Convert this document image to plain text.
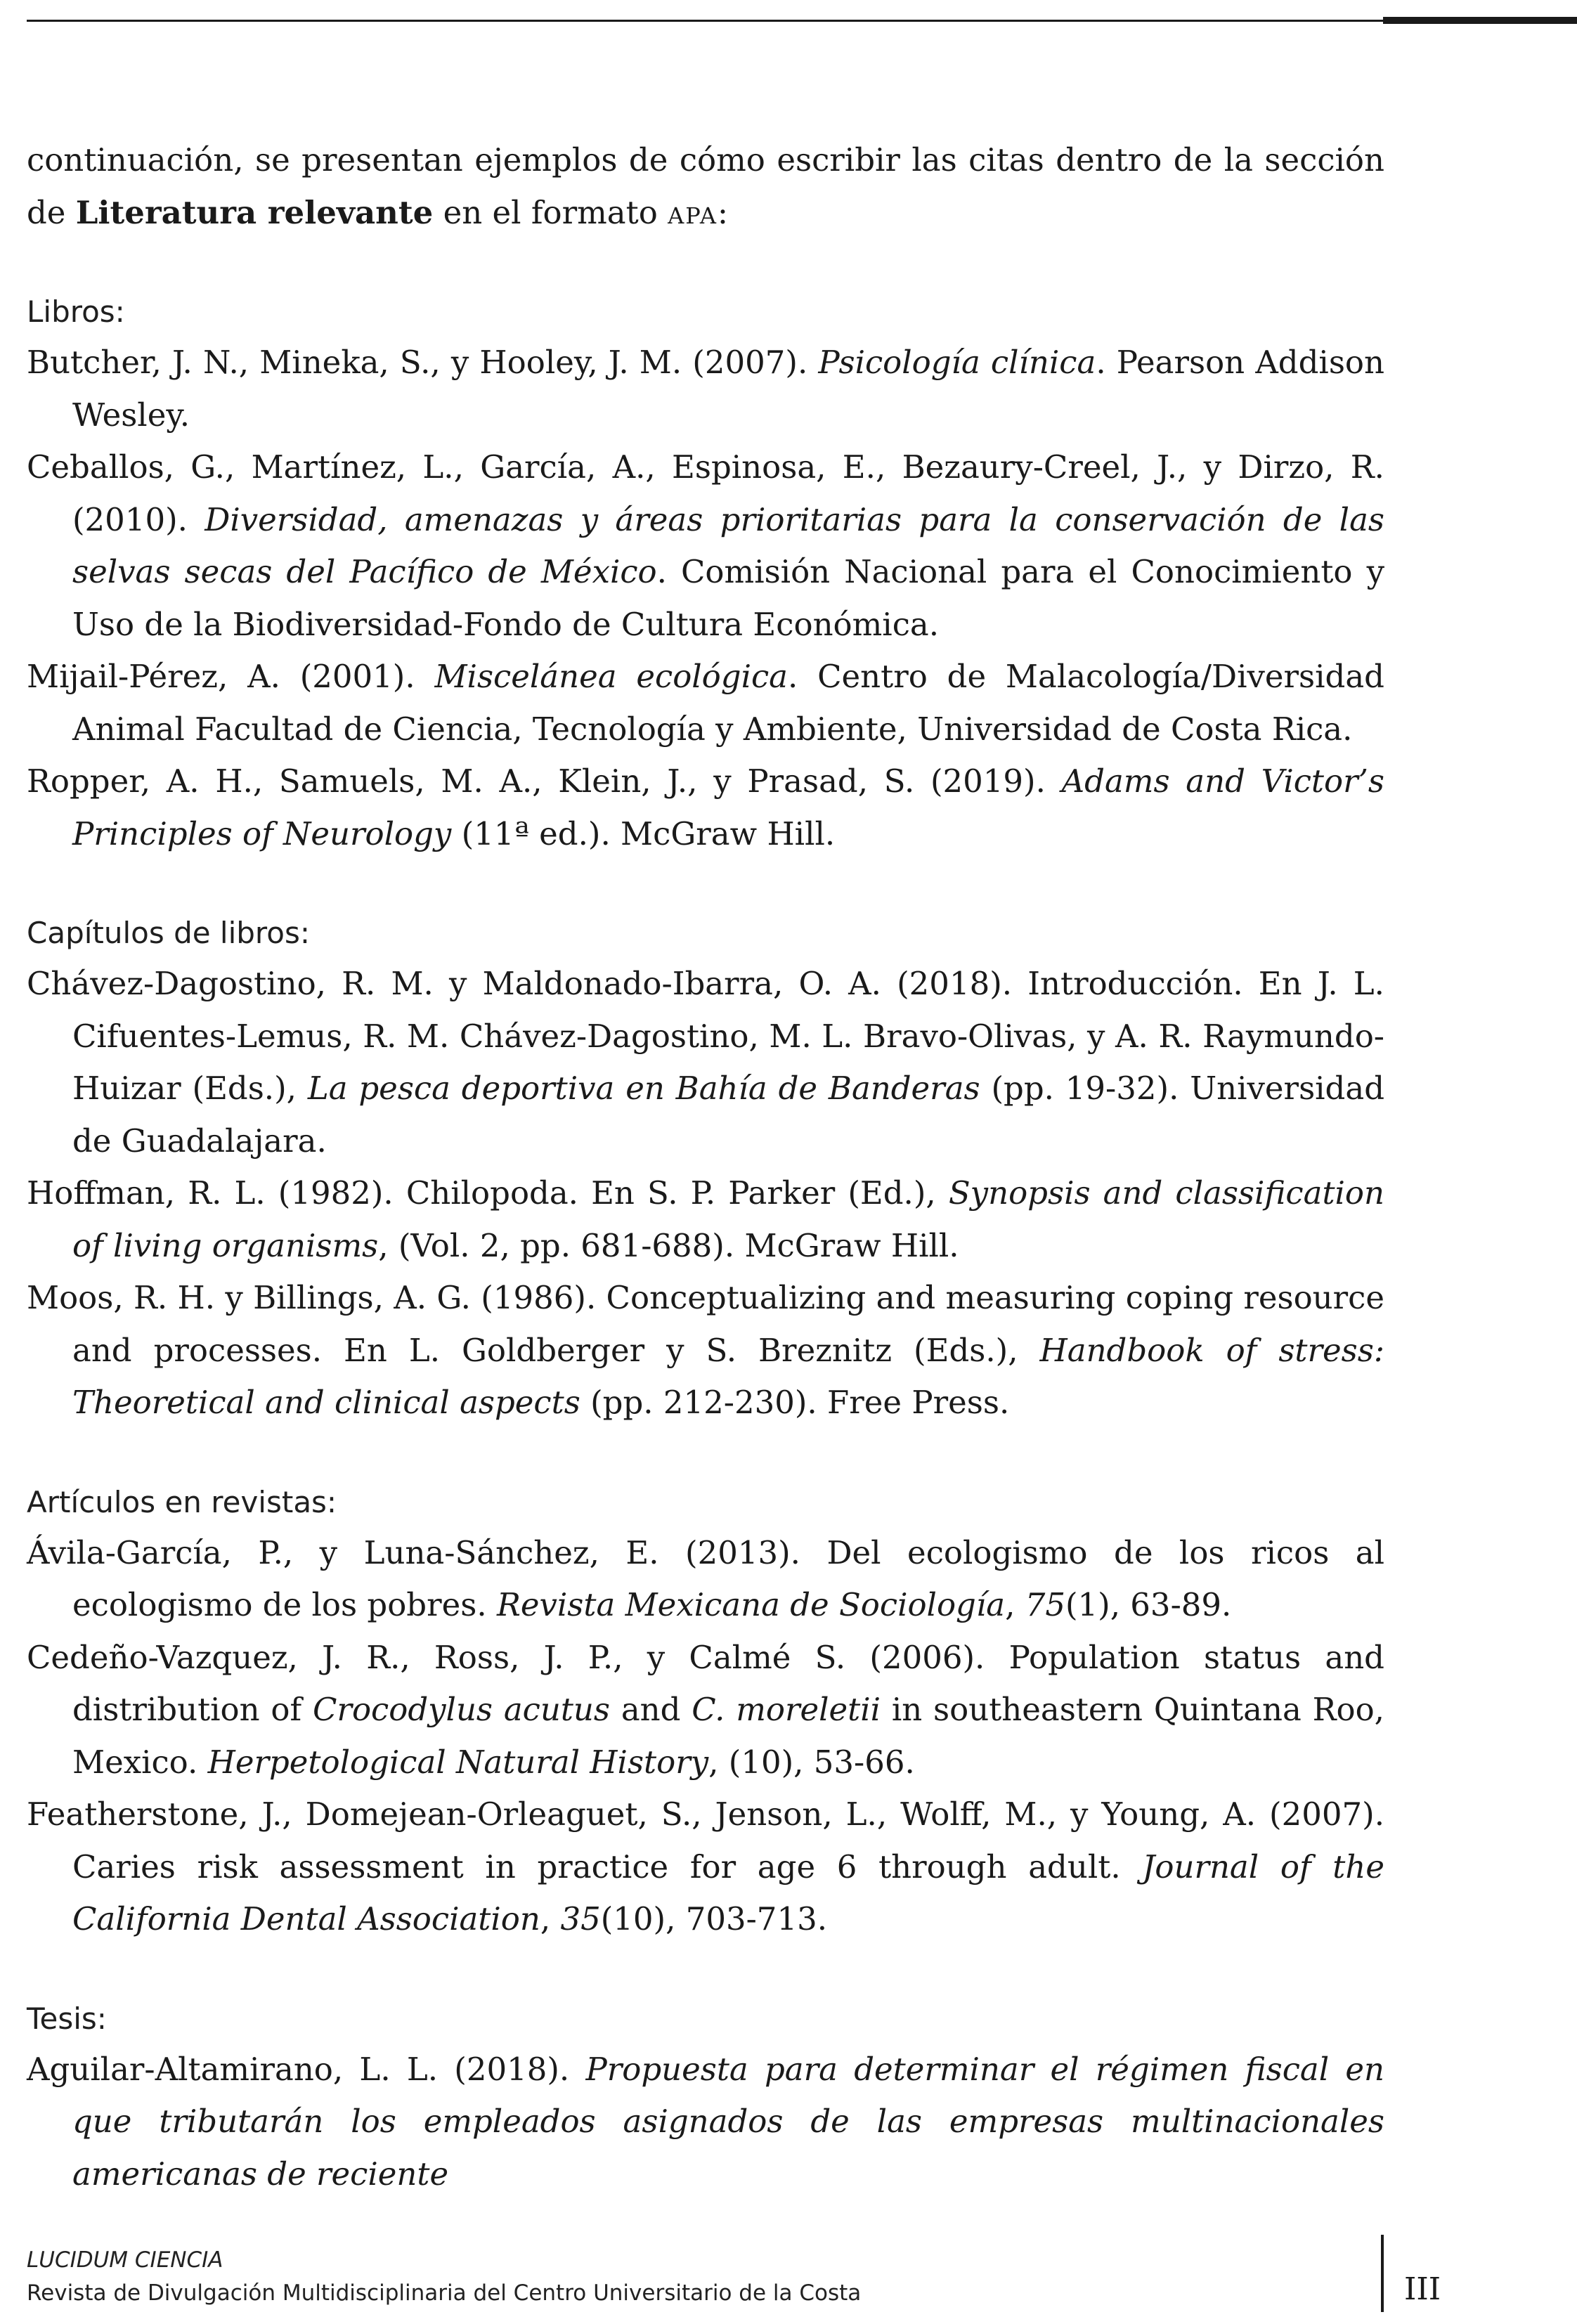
continuación, se presentan ejemplos de cómo escribir las citas dentro de la sección de Literatura relevante en el formato apa:

Libros:

Butcher, J. N., Mineka, S., y Hooley, J. M. (2007). Psicología clínica. Pearson Addison Wesley.

Ceballos, G., Martínez, L., García, A., Espinosa, E., Bezaury-Creel, J., y Dirzo, R. (2010). Diversidad, amenazas y áreas prioritarias para la conservación de las selvas secas del Pacífico de México. Comisión Nacional para el Conocimiento y Uso de la Biodiversidad-Fondo de Cultura Económica.

Mijail-Pérez, A. (2001). Miscelánea ecológica. Centro de Malacología/Diversidad Animal Facultad de Ciencia, Tecnología y Ambiente, Universidad de Costa Rica.

Ropper, A. H., Samuels, M. A., Klein, J., y Prasad, S. (2019). Adams and Victor’s Principles of Neurology (11ª ed.). McGraw Hill.

Capítulos de libros:

Chávez-Dagostino, R. M. y Maldonado-Ibarra, O. A. (2018). Introducción. En J. L. Cifuentes-Lemus, R. M. Chávez-Dagostino, M. L. Bravo-Olivas, y A. R. Raymundo-Huizar (Eds.), La pesca deportiva en Bahía de Banderas (pp. 19-32). Universidad de Guadalajara.

Hoffman, R. L. (1982). Chilopoda. En S. P. Parker (Ed.), Synopsis and classification of living organisms, (Vol. 2, pp. 681-688). McGraw Hill.

Moos, R. H. y Billings, A. G. (1986). Conceptualizing and measuring coping resource and processes. En L. Goldberger y S. Breznitz (Eds.), Handbook of stress: Theoretical and clinical aspects (pp. 212-230). Free Press.

Artículos en revistas:

Ávila-García, P., y Luna-Sánchez, E. (2013). Del ecologismo de los ricos al ecologismo de los pobres. Revista Mexicana de Sociología, 75(1), 63-89.

Cedeño-Vazquez, J. R., Ross, J. P., y Calmé S. (2006). Population status and distribution of Crocodylus acutus and C. moreletii in southeastern Quintana Roo, Mexico. Herpetological Natural History, (10), 53-66.

Featherstone, J., Domejean-Orleaguet, S., Jenson, L., Wolff, M., y Young, A. (2007). Caries risk assessment in practice for age 6 through adult. Journal of the California Dental Association, 35(10), 703-713.

Tesis:

Aguilar-Altamirano, L. L. (2018). Propuesta para determinar el régimen fiscal en que tributarán los empleados asignados de las empresas multinacionales americanas de reciente

LUCIDUM CIENCIA
Revista de Divulgación Multidisciplinaria del Centro Universitario de la Costa	III
